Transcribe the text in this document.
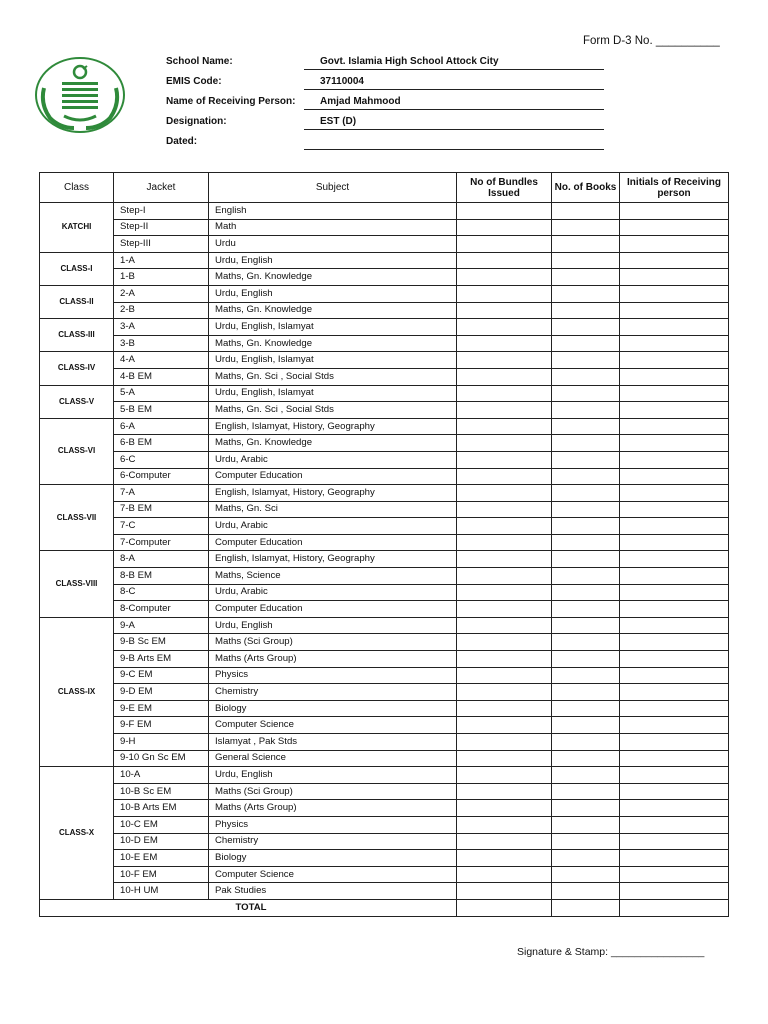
Form D-3 No. __________
School Name:	Govt. Islamia High School Attock City
EMIS Code:	37110004
Name of Receiving Person:	Amjad Mahmood
Designation:	EST (D)
Dated:
Class	Jacket	Subject	No of Bundles Issued	No. of Books	Initials of Receiving person
KATCHI	Step-I	English			
	Step-II	Math			
	Step-III	Urdu			
CLASS-I	1-A	Urdu, English			
	1-B	Maths, Gn. Knowledge			
CLASS-II	2-A	Urdu, English			
	2-B	Maths, Gn. Knowledge			
CLASS-III	3-A	Urdu, English, Islamyat			
	3-B	Maths, Gn. Knowledge			
CLASS-IV	4-A	Urdu, English, Islamyat			
	4-B EM	Maths, Gn. Sci , Social Stds			
CLASS-V	5-A	Urdu, English, Islamyat			
	5-B EM	Maths, Gn. Sci , Social Stds			
CLASS-VI	6-A	English, Islamyat, History, Geography			
	6-B EM	Maths, Gn. Knowledge			
	6-C	Urdu, Arabic			
	6-Computer	Computer Education			
CLASS-VII	7-A	English, Islamyat, History, Geography			
	7-B EM	Maths, Gn. Sci			
	7-C	Urdu, Arabic			
	7-Computer	Computer Education			
CLASS-VIII	8-A	English, Islamyat, History, Geography			
	8-B EM	Maths, Science			
	8-C	Urdu, Arabic			
	8-Computer	Computer Education			
CLASS-IX	9-A	Urdu, English			
	9-B Sc EM	Maths (Sci Group)			
	9-B Arts EM	Maths (Arts Group)			
	9-C EM	Physics			
	9-D EM	Chemistry			
	9-E EM	Biology			
	9-F EM	Computer Science			
	9-H	Islamyat , Pak Stds			
	9-10 Gn Sc EM	General Science			
CLASS-X	10-A	Urdu, English			
	10-B Sc EM	Maths (Sci Group)			
	10-B Arts EM	Maths (Arts Group)			
	10-C EM	Physics			
	10-D EM	Chemistry			
	10-E EM	Biology			
	10-F EM	Computer Science			
	10-H UM	Pak Studies			
TOTAL					
Signature & Stamp: ________________
